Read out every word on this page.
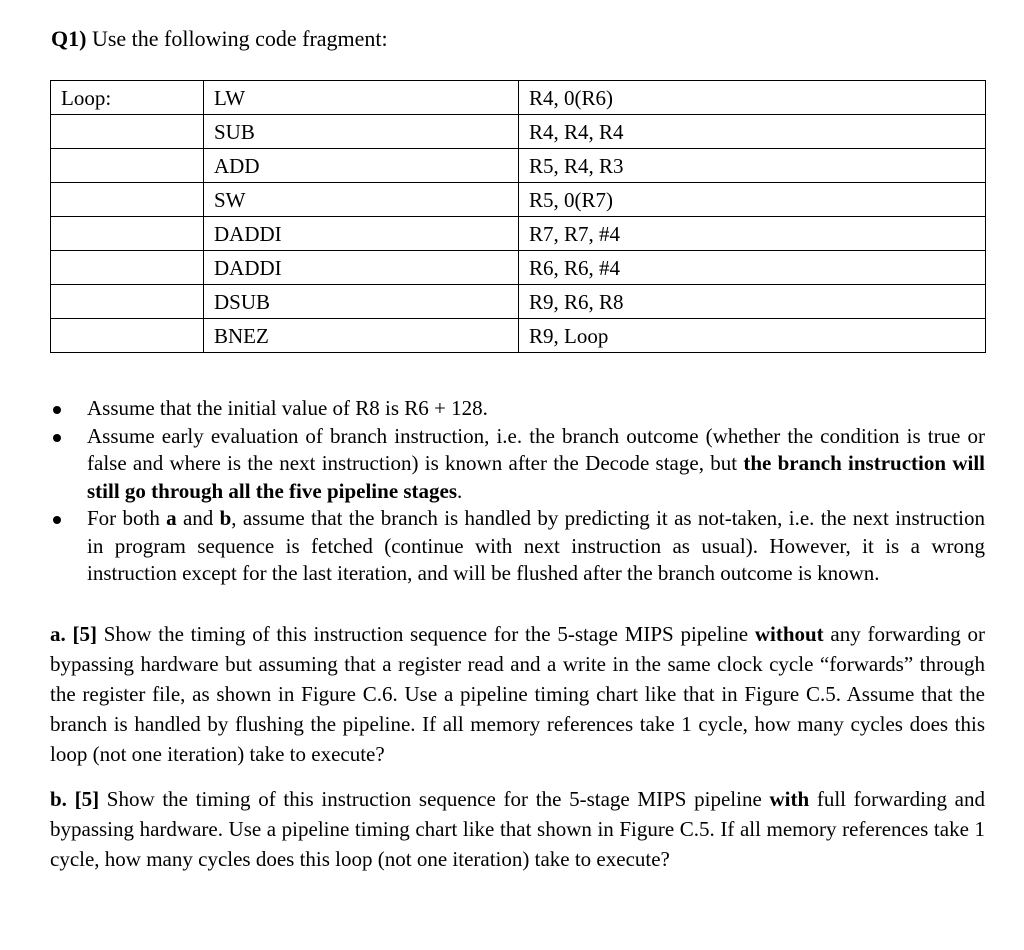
Q1) Use the following code fragment:
Loop:	LW	R4, 0(R6)
	SUB	R4, R4, R4
	ADD	R5, R4, R3
	SW	R5, 0(R7)
	DADDI	R7, R7, #4
	DADDI	R6, R6, #4
	DSUB	R9, R6, R8
	BNEZ	R9, Loop
Assume that the initial value of R8 is R6 + 128.
Assume early evaluation of branch instruction, i.e. the branch outcome (whether the condition is true or false and where is the next instruction) is known after the Decode stage, but the branch instruction will still go through all the five pipeline stages.
For both a and b, assume that the branch is handled by predicting it as not-taken, i.e. the next instruction in program sequence is fetched (continue with next instruction as usual). However, it is a wrong instruction except for the last iteration, and will be flushed after the branch outcome is known.
a. [5] Show the timing of this instruction sequence for the 5-stage MIPS pipeline without any forwarding or bypassing hardware but assuming that a register read and a write in the same clock cycle “forwards” through the register file, as shown in Figure C.6. Use a pipeline timing chart like that in Figure C.5. Assume that the branch is handled by flushing the pipeline. If all memory references take 1 cycle, how many cycles does this loop (not one iteration) take to execute?
b. [5] Show the timing of this instruction sequence for the 5-stage MIPS pipeline with full forwarding and bypassing hardware. Use a pipeline timing chart like that shown in Figure C.5. If all memory references take 1 cycle, how many cycles does this loop (not one iteration) take to execute?
